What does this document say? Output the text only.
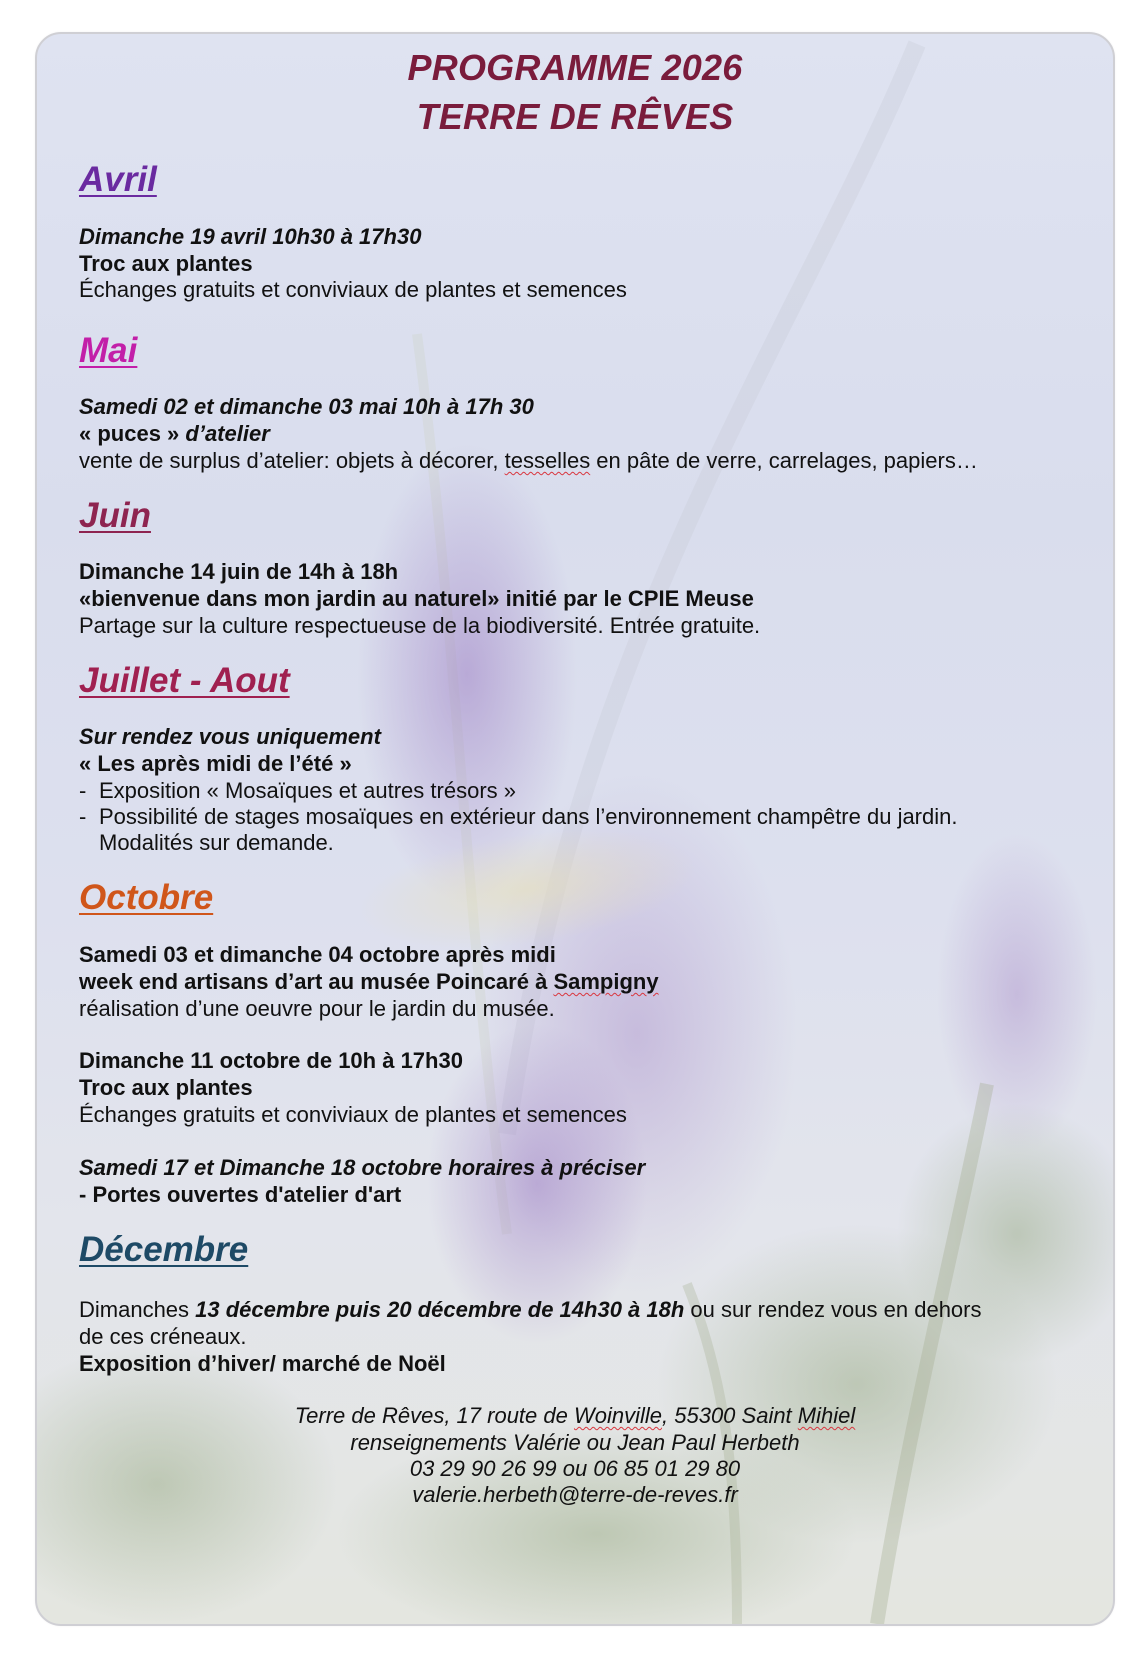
PROGRAMME 2026
TERRE DE RÊVES
Avril
Dimanche 19 avril 10h30 à 17h30
Troc aux plantes
Échanges gratuits et conviviaux de plantes et semences
Mai
Samedi 02 et dimanche 03 mai 10h à 17h 30
« puces » d’atelier
vente de surplus d’atelier: objets à décorer, tesselles en pâte de verre, carrelages, papiers…
Juin
Dimanche 14 juin de 14h à 18h
«bienvenue dans mon jardin au naturel» initié par le CPIE Meuse
Partage sur la culture respectueuse de la biodiversité. Entrée gratuite.
Juillet - Aout
Sur rendez vous uniquement
« Les après midi de l’été »
- Exposition « Mosaïques et autres trésors »
- Possibilité de stages mosaïques en extérieur dans l’environnement champêtre du jardin.
Modalités sur demande.
Octobre
Samedi 03 et dimanche 04 octobre après midi
week end artisans d’art au musée Poincaré à Sampigny
réalisation d’une oeuvre pour le jardin du musée.
Dimanche 11 octobre de 10h à 17h30
Troc aux plantes
Échanges gratuits et conviviaux de plantes et semences
Samedi 17 et Dimanche 18 octobre horaires à préciser
- Portes ouvertes d'atelier d'art
Décembre
Dimanches 13 décembre puis 20 décembre de 14h30 à 18h ou sur rendez vous en dehors
de ces créneaux.
Exposition d’hiver/ marché de Noël
Terre de Rêves, 17 route de Woinville, 55300 Saint Mihiel
renseignements Valérie ou Jean Paul Herbeth
03 29 90 26 99 ou 06 85 01 29 80
valerie.herbeth@terre-de-reves.fr
